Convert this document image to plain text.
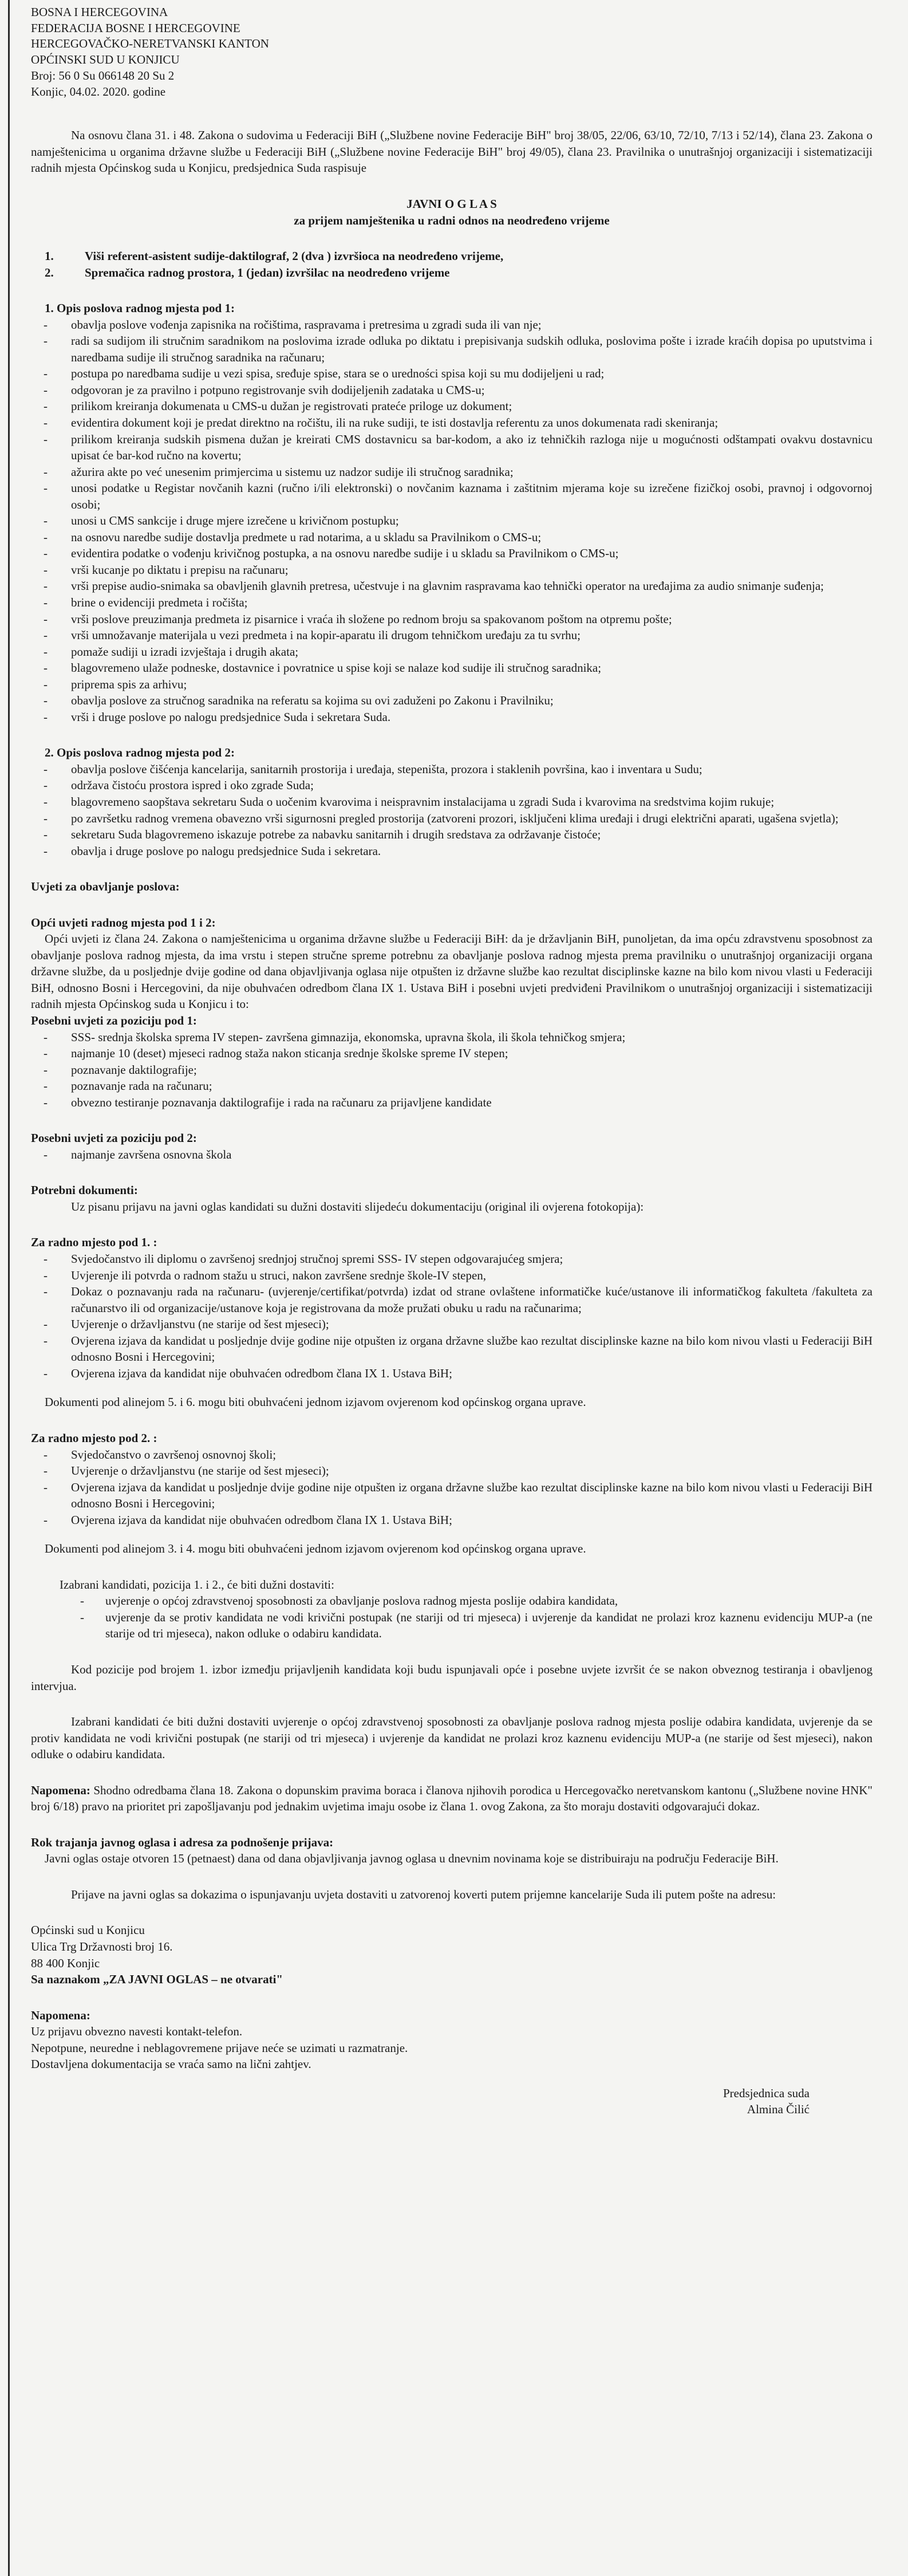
BOSNA I HERCEGOVINA

FEDERACIJA BOSNE I HERCEGOVINE

HERCEGOVAČKO-NERETVANSKI KANTON

OPĆINSKI SUD U KONJICU

Broj: 56 0 Su 066148 20 Su 2

Konjic, 04.02. 2020. godine

Na osnovu člana 31. i 48. Zakona o sudovima u Federaciji BiH („Službene novine Federacije BiH" broj 38/05, 22/06, 63/10, 72/10, 7/13 i 52/14), člana 23. Zakona o namještenicima u organima državne službe u Federaciji BiH („Službene novine Federacije BiH" broj 49/05), člana 23. Pravilnika o unutrašnjoj organizaciji i sistematizaciji radnih mjesta Općinskog suda u Konjicu, predsjednica Suda raspisuje

JAVNI O G L A S

za prijem namještenika u radni odnos na neodređeno vrijeme

1.	Viši referent-asistent sudije-daktilograf, 2 (dva ) izvršioca na neodređeno vrijeme,
2.	Spremačica radnog prostora, 1 (jedan) izvršilac na neodređeno vrijeme

1. Opis poslova radnog mjesta pod 1:

- obavlja poslove vođenja zapisnika na ročištima, raspravama i pretresima u zgradi suda ili van nje;
- radi sa sudijom ili stručnim saradnikom na poslovima izrade odluka po diktatu i prepisivanja sudskih odluka, poslovima pošte i izrade kraćih dopisa po uputstvima i naredbama sudije ili stručnog saradnika na računaru;
- postupa po naredbama sudije u vezi spisa, sređuje spise, stara se o uredności spisa koji su mu dodijeljeni u rad;
- odgovoran je za pravilno i potpuno registrovanje svih dodijeljenih zadataka u CMS-u;
- prilikom kreiranja dokumenata u CMS-u dužan je registrovati prateće priloge uz dokument;
- evidentira dokument koji je predat direktno na ročištu, ili na ruke sudiji, te isti dostavlja referentu za unos dokumenata radi skeniranja;
- prilikom kreiranja sudskih pismena dužan je kreirati CMS dostavnicu sa bar-kodom, a ako iz tehničkih razloga nije u mogućnosti odštampati ovakvu dostavnicu upisat će bar-kod ručno na kovertu;
- ažurira akte po već unesenim primjercima u sistemu uz nadzor sudije ili stručnog saradnika;
- unosi podatke u Registar novčanih kazni (ručno i/ili elektronski) o novčanim kaznama i zaštitnim mjerama koje su izrečene fizičkoj osobi, pravnoj i odgovornoj osobi;
- unosi u CMS sankcije i druge mjere izrečene u krivičnom postupku;
- na osnovu naredbe sudije dostavlja predmete u rad notarima, a u skladu sa Pravilnikom o CMS-u;
- evidentira podatke o vođenju krivičnog postupka, a na osnovu naredbe sudije i u skladu sa Pravilnikom o CMS-u;
- vrši kucanje po diktatu i prepisu na računaru;
- vrši prepise audio-snimaka sa obavljenih glavnih pretresa, učestvuje i na glavnim raspravama kao tehnički operator na uređajima za audio snimanje suđenja;
- brine o evidenciji predmeta i ročišta;
- vrši poslove preuzimanja predmeta iz pisarnice i vraća ih složene po rednom broju sa spakovanom poštom na otpremu pošte;
- vrši umnožavanje materijala u vezi predmeta i na kopir-aparatu ili drugom tehničkom uređaju za tu svrhu;
- pomaže sudiji u izradi izvještaja i drugih akata;
- blagovremeno ulaže podneske, dostavnice i povratnice u spise koji se nalaze kod sudije ili stručnog saradnika;
- priprema spis za arhivu;
- obavlja poslove za stručnog saradnika na referatu sa kojima su ovi zaduženi po Zakonu i Pravilniku;
- vrši i druge poslove po nalogu predsjednice Suda i sekretara Suda.

2. Opis poslova radnog mjesta pod 2:

- obavlja poslove čišćenja kancelarija, sanitarnih prostorija i uređaja, stepeništa, prozora i staklenih površina, kao i inventara u Sudu;
- održava čistoću prostora ispred i oko zgrade Suda;
- blagovremeno saopštava sekretaru Suda o uočenim kvarovima i neispravnim instalacijama u zgradi Suda i kvarovima na sredstvima kojim rukuje;
- po završetku radnog vremena obavezno vrši sigurnosni pregled prostorija (zatvoreni prozori, isključeni klima uređaji i drugi električni aparati, ugašena svjetla);
- sekretaru Suda blagovremeno iskazuje potrebe za nabavku sanitarnih i drugih sredstava za održavanje čistoće;
- obavlja i druge poslove po nalogu predsjednice Suda i sekretara.

Uvjeti za obavljanje poslova:

Opći uvjeti radnog mjesta pod 1 i 2:

Opći uvjeti iz člana 24. Zakona o namještenicima u organima državne službe u Federaciji BiH: da je državljanin BiH, punoljetan, da ima opću zdravstvenu sposobnost za obavljanje poslova radnog mjesta, da ima vrstu i stepen stručne spreme potrebnu za obavljanje poslova radnog mjesta prema pravilniku o unutrašnjoj organizaciji organa državne službe, da u posljednje dvije godine od dana objavljivanja oglasa nije otpušten iz državne službe kao rezultat disciplinske kazne na bilo kom nivou vlasti u Federaciji BiH, odnosno Bosni i Hercegovini, da nije obuhvaćen odredbom člana IX 1. Ustava BiH i posebni uvjeti predviđeni Pravilnikom o unutrašnjoj organizaciji i sistematizaciji radnih mjesta Općinskog suda u Konjicu i to:

Posebni uvjeti za poziciju pod 1:

- SSS- srednja školska sprema IV stepen- završena gimnazija, ekonomska, upravna škola, ili škola tehničkog smjera;
- najmanje 10 (deset) mjeseci radnog staža nakon sticanja srednje školske spreme IV stepen;
- poznavanje daktilografije;
- poznavanje rada na računaru;
- obvezno testiranje poznavanja daktilografije i rada na računaru za prijavljene kandidate

Posebni uvjeti za poziciju pod 2:

- najmanje završena osnovna škola

Potrebni dokumenti:

Uz pisanu prijavu na javni oglas kandidati su dužni dostaviti slijedeću dokumentaciju (original ili ovjerena fotokopija):

Za radno mjesto pod 1. :

- Svjedočanstvo ili diplomu o završenoj srednjoj stručnoj spremi SSS- IV stepen odgovarajućeg smjera;
- Uvjerenje ili potvrda o radnom stažu u struci, nakon završene srednje škole-IV stepen,
- Dokaz o poznavanju rada na računaru- (uvjerenje/certifikat/potvrda) izdat od strane ovlaštene informatičke kuće/ustanove ili informatičkog fakulteta /fakulteta za računarstvo ili od organizacije/ustanove koja je registrovana da može pružati obuku u radu na računarima;
- Uvjerenje o državljanstvu (ne starije od šest mjeseci);
- Ovjerena izjava da kandidat u posljednje dvije godine nije otpušten iz organa državne službe kao rezultat disciplinske kazne na bilo kom nivou vlasti u Federaciji BiH odnosno Bosni i Hercegovini;
- Ovjerena izjava da kandidat nije obuhvaćen odredbom člana IX 1. Ustava BiH;

Dokumenti pod alinejom 5. i 6. mogu biti obuhvaćeni jednom izjavom ovjerenom kod općinskog organa uprave.

Za radno mjesto pod 2. :

- Svjedočanstvo o završenoj osnovnoj školi;
- Uvjerenje o državljanstvu (ne starije od šest mjeseci);
- Ovjerena izjava da kandidat u posljednje dvije godine nije otpušten iz organa državne službe kao rezultat disciplinske kazne na bilo kom nivou vlasti u Federaciji BiH odnosno Bosni i Hercegovini;
- Ovjerena izjava da kandidat nije obuhvaćen odredbom člana IX 1. Ustava BiH;

Dokumenti pod alinejom 3. i 4. mogu biti obuhvaćeni jednom izjavom ovjerenom kod općinskog organa uprave.

Izabrani kandidati, pozicija 1. i 2., će biti dužni dostaviti:

- uvjerenje o općoj zdravstvenoj sposobnosti za obavljanje poslova radnog mjesta poslije odabira kandidata,
- uvjerenje da se protiv kandidata ne vodi krivični postupak (ne stariji od tri mjeseca) i uvjerenje da kandidat ne prolazi kroz kaznenu evidenciju MUP-a (ne starije od tri mjeseca), nakon odluke o odabiru kandidata.

Kod pozicije pod brojem 1. izbor izmeđju prijavljenih kandidata koji budu ispunjavali opće i posebne uvjete izvršit će se nakon obveznog testiranja i obavljenog intervjua.

Izabrani kandidati će biti dužni dostaviti uvjerenje o općoj zdravstvenoj sposobnosti za obavljanje poslova radnog mjesta poslije odabira kandidata, uvjerenje da se protiv kandidata ne vodi krivični postupak (ne stariji od tri mjeseca) i uvjerenje da kandidat ne prolazi kroz kaznenu evidenciju MUP-a (ne starije od šest mjeseci), nakon odluke o odabiru kandidata.

Napomena: Shodno odredbama člana 18. Zakona o dopunskim pravima boraca i članova njihovih porodica u Hercegovačko neretvanskom kantonu („Službene novine HNK" broj 6/18) pravo na prioritet pri zapošljavanju pod jednakim uvjetima imaju osobe iz člana 1. ovog Zakona, za što moraju dostaviti odgovarajući dokaz.

Rok trajanja javnog oglasa i adresa za podnošenje prijava:

Javni oglas ostaje otvoren 15 (petnaest) dana od dana objavljivanja javnog oglasa u dnevnim novinama koje se distribuiraju na području Federacije BiH.

Prijave na javni oglas sa dokazima o ispunjavanju uvjeta dostaviti u zatvorenoj koverti putem prijemne kancelarije Suda ili putem pošte na adresu:

Općinski sud u Konjicu

Ulica Trg Državnosti broj 16.

88 400 Konjic

Sa naznakom „ZA JAVNI OGLAS – ne otvarati"

Napomena:

Uz prijavu obvezno navesti kontakt-telefon.

Nepotpune, neuredne i neblagovremene prijave neće se uzimati u razmatranje.

Dostavljena dokumentacija se vraća samo na lični zahtjev.

Predsjednica suda

Almina Čilić
